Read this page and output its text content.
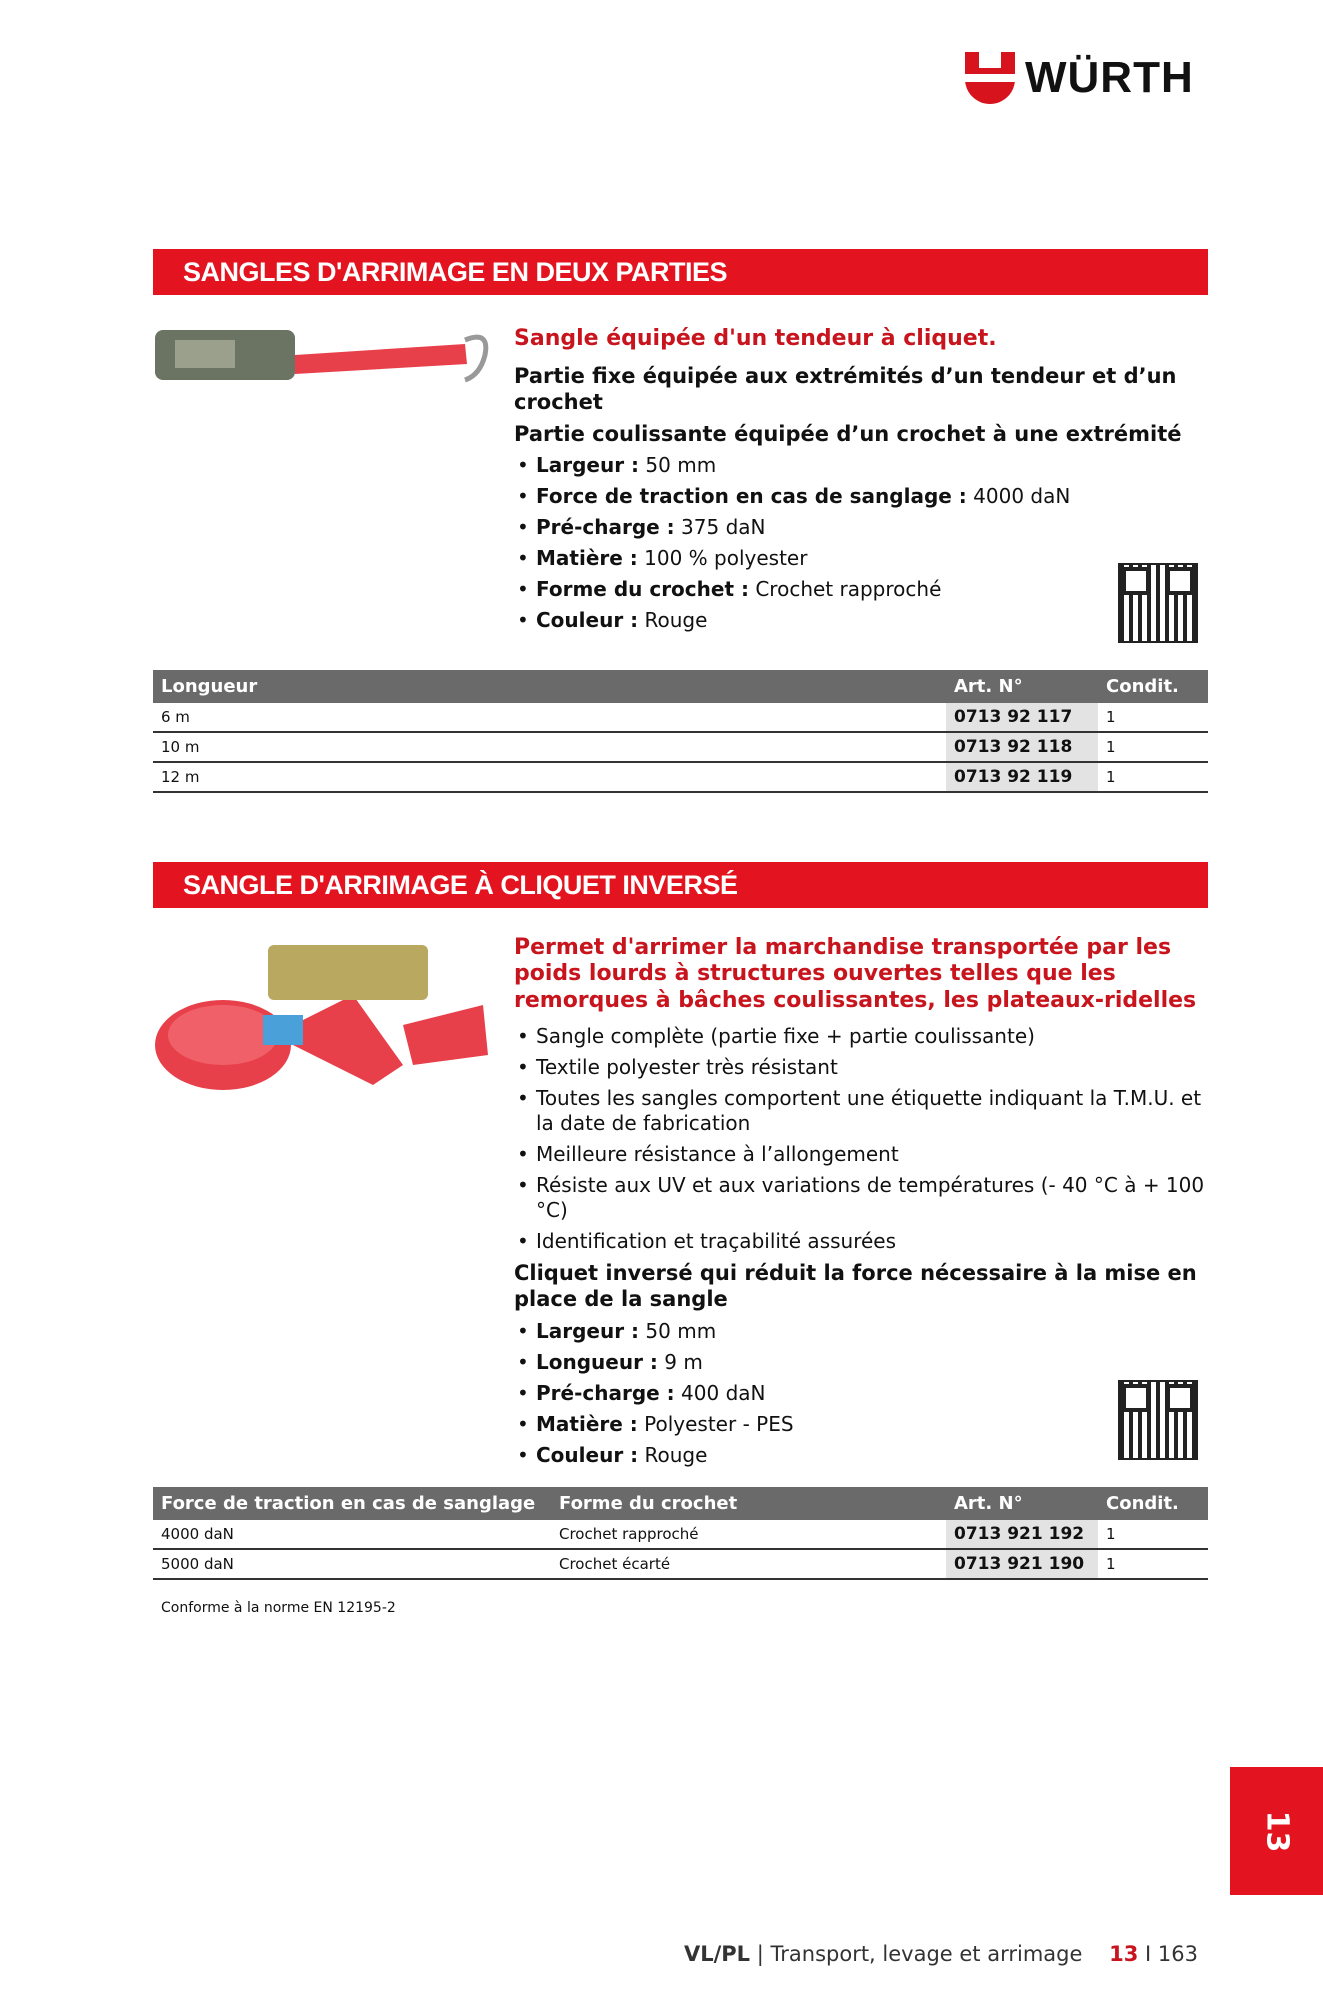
WÜRTH
SANGLES D'ARRIMAGE EN DEUX PARTIES
Sangle équipée d'un tendeur à cliquet.
Partie fixe équipée aux extrémités d’un tendeur et d’un crochet
Partie coulissante équipée d’un crochet à une extrémité
• Largeur : 50 mm
• Force de traction en cas de sanglage : 4000 daN
• Pré-charge : 375 daN
• Matière : 100 % polyester
• Forme du crochet : Crochet rapproché
• Couleur : Rouge
Longueur	Art. N°	Condit.
6 m	0713 92 117	1
10 m	0713 92 118	1
12 m	0713 92 119	1
SANGLE D'ARRIMAGE À CLIQUET INVERSÉ
Permet d'arrimer la marchandise transportée par les poids lourds à structures ouvertes telles que les remorques à bâches coulissantes, les plateaux-ridelles
• Sangle complète (partie fixe + partie coulissante)
• Textile polyester très résistant
• Toutes les sangles comportent une étiquette indiquant la T.M.U. et la date de fabrication
• Meilleure résistance à l’allongement
• Résiste aux UV et aux variations de températures (- 40 °C à + 100 °C)
• Identification et traçabilité assurées
Cliquet inversé qui réduit la force nécessaire à la mise en place de la sangle
• Largeur : 50 mm
• Longueur : 9 m
• Pré-charge : 400 daN
• Matière : Polyester - PES
• Couleur : Rouge
Force de traction en cas de sanglage	Forme du crochet	Art. N°	Condit.
4000 daN	Crochet rapproché	0713 921 192	1
5000 daN	Crochet écarté	0713 921 190	1
Conforme à la norme EN 12195-2
13
VL/PL | Transport, levage et arrimage 13 I 163
